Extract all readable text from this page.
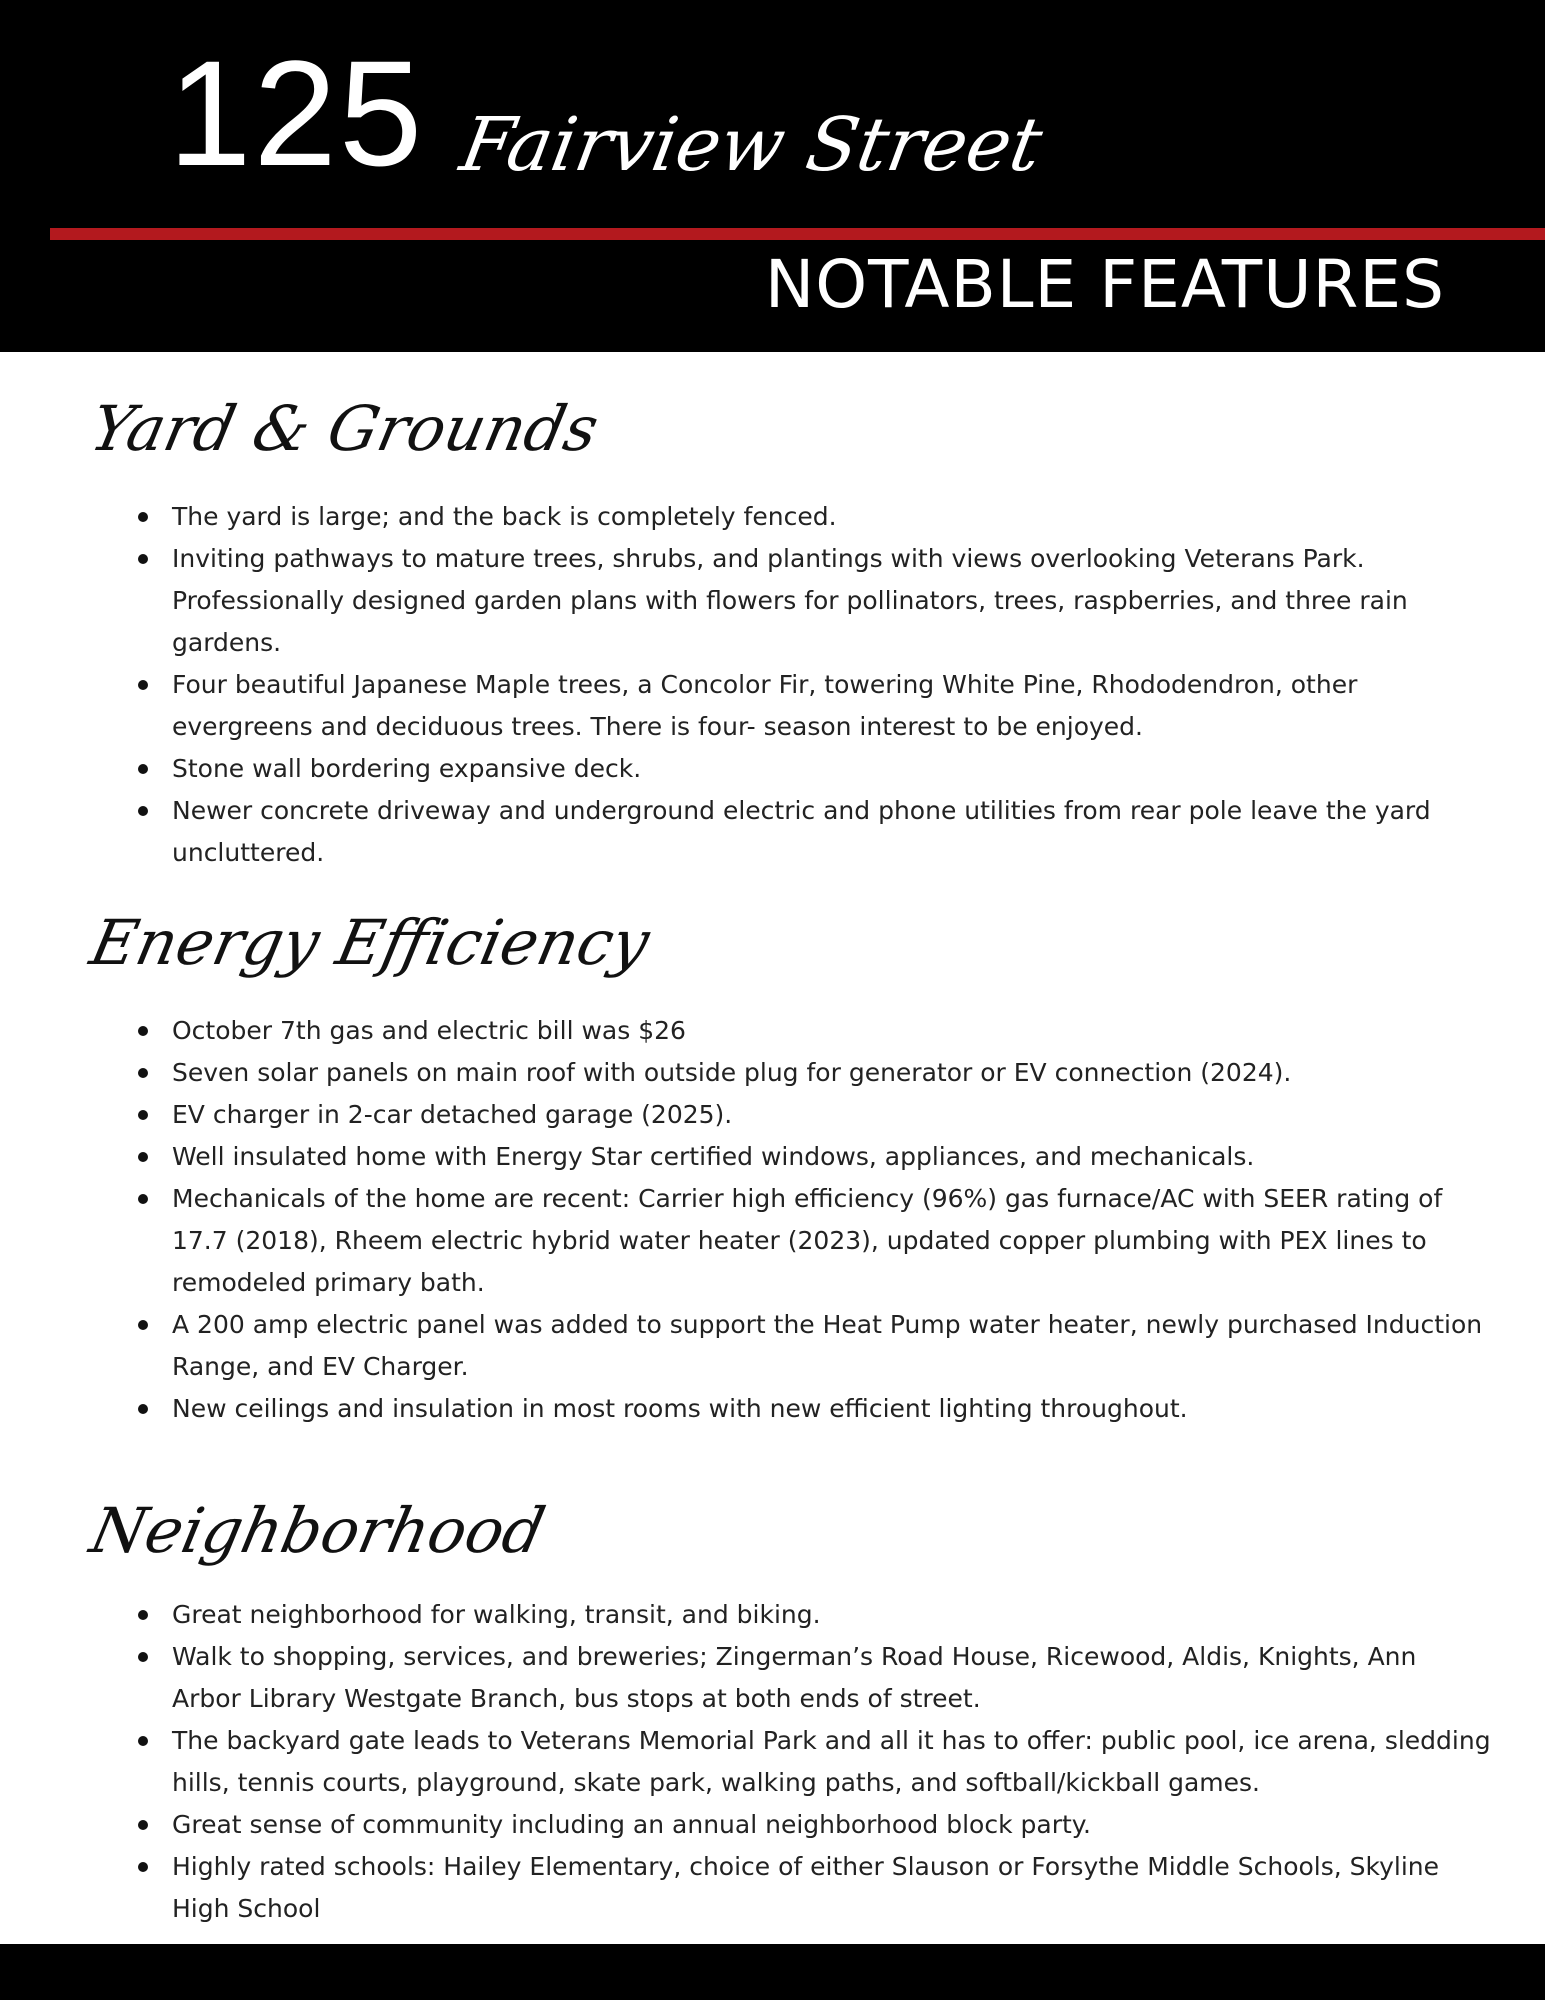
125 Fairview Street
NOTABLE FEATURES
Yard & Grounds
The yard is large; and the back is completely fenced.
Inviting pathways to mature trees, shrubs, and plantings with views overlooking Veterans Park. Professionally designed garden plans with flowers for pollinators, trees, raspberries, and three rain gardens.
Four beautiful Japanese Maple trees, a Concolor Fir, towering White Pine, Rhododendron, other evergreens and deciduous trees. There is four- season interest to be enjoyed.
Stone wall bordering expansive deck.
Newer concrete driveway and underground electric and phone utilities from rear pole leave the yard uncluttered.
Energy Efficiency
October 7th gas and electric bill was $26
Seven solar panels on main roof with outside plug for generator or EV connection (2024).
EV charger in 2-car detached garage (2025).
Well insulated home with Energy Star certified windows, appliances, and mechanicals.
Mechanicals of the home are recent: Carrier high efficiency (96%) gas furnace/AC with SEER rating of 17.7 (2018), Rheem electric hybrid water heater (2023), updated copper plumbing with PEX lines to remodeled primary bath.
A 200 amp electric panel was added to support the Heat Pump water heater, newly purchased Induction Range, and EV Charger.
New ceilings and insulation in most rooms with new efficient lighting throughout.
Neighborhood
Great neighborhood for walking, transit, and biking.
Walk to shopping, services, and breweries; Zingerman’s Road House, Ricewood, Aldis, Knights, Ann Arbor Library Westgate Branch, bus stops at both ends of street.
The backyard gate leads to Veterans Memorial Park and all it has to offer: public pool, ice arena, sledding hills, tennis courts, playground, skate park, walking paths, and softball/kickball games.
Great sense of community including an annual neighborhood block party.
Highly rated schools: Hailey Elementary, choice of either Slauson or Forsythe Middle Schools, Skyline High School
